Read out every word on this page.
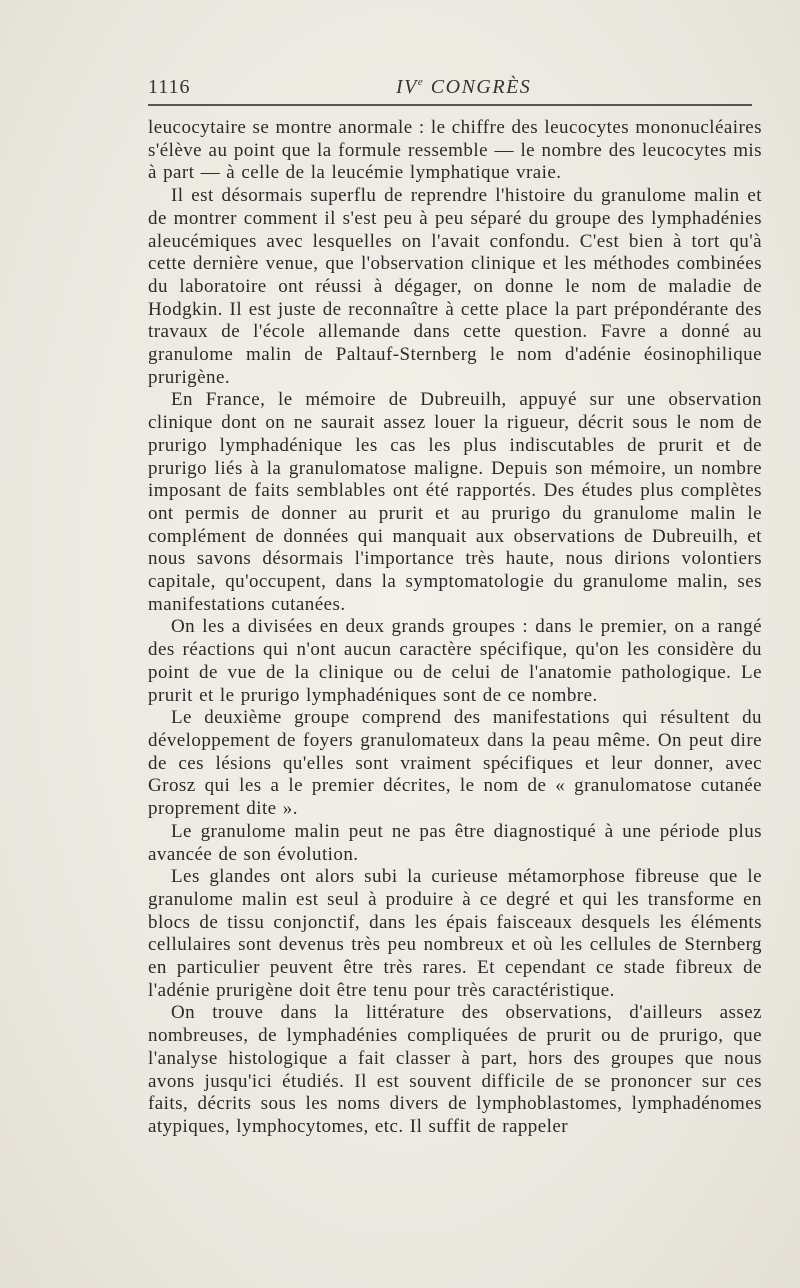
1116	IVe CONGRÈS

leucocytaire se montre anormale : le chiffre des leucocytes mononucléaires s'élève au point que la formule ressemble — le nombre des leucocytes mis à part — à celle de la leucémie lymphatique vraie.

Il est désormais superflu de reprendre l'histoire du granulome malin et de montrer comment il s'est peu à peu séparé du groupe des lymphadénies aleucémiques avec lesquelles on l'avait confondu. C'est bien à tort qu'à cette dernière venue, que l'observation clinique et les méthodes combinées du laboratoire ont réussi à dégager, on donne le nom de maladie de Hodgkin. Il est juste de reconnaître à cette place la part prépondérante des travaux de l'école allemande dans cette question. Favre a donné au granulome malin de Paltauf-Sternberg le nom d'adénie éosinophilique prurigène.

En France, le mémoire de Dubreuilh, appuyé sur une observation clinique dont on ne saurait assez louer la rigueur, décrit sous le nom de prurigo lymphadénique les cas les plus indiscutables de prurit et de prurigo liés à la granulomatose maligne. Depuis son mémoire, un nombre imposant de faits semblables ont été rapportés. Des études plus complètes ont permis de donner au prurit et au prurigo du granulome malin le complément de données qui manquait aux observations de Dubreuilh, et nous savons désormais l'importance très haute, nous dirions volontiers capitale, qu'occupent, dans la symptomatologie du granulome malin, ses manifestations cutanées.

On les a divisées en deux grands groupes : dans le premier, on a rangé des réactions qui n'ont aucun caractère spécifique, qu'on les considère du point de vue de la clinique ou de celui de l'anatomie pathologique. Le prurit et le prurigo lymphadéniques sont de ce nombre.

Le deuxième groupe comprend des manifestations qui résultent du développement de foyers granulomateux dans la peau même. On peut dire de ces lésions qu'elles sont vraiment spécifiques et leur donner, avec Grosz qui les a le premier décrites, le nom de « granulomatose cutanée proprement dite ».

Le granulome malin peut ne pas être diagnostiqué à une période plus avancée de son évolution.

Les glandes ont alors subi la curieuse métamorphose fibreuse que le granulome malin est seul à produire à ce degré et qui les transforme en blocs de tissu conjonctif, dans les épais faisceaux desquels les éléments cellulaires sont devenus très peu nombreux et où les cellules de Sternberg en particulier peuvent être très rares. Et cependant ce stade fibreux de l'adénie prurigène doit être tenu pour très caractéristique.

On trouve dans la littérature des observations, d'ailleurs assez nombreuses, de lymphadénies compliquées de prurit ou de prurigo, que l'analyse histologique a fait classer à part, hors des groupes que nous avons jusqu'ici étudiés. Il est souvent difficile de se prononcer sur ces faits, décrits sous les noms divers de lymphoblastomes, lymphadénomes atypiques, lymphocytomes, etc. Il suffit de rappeler
